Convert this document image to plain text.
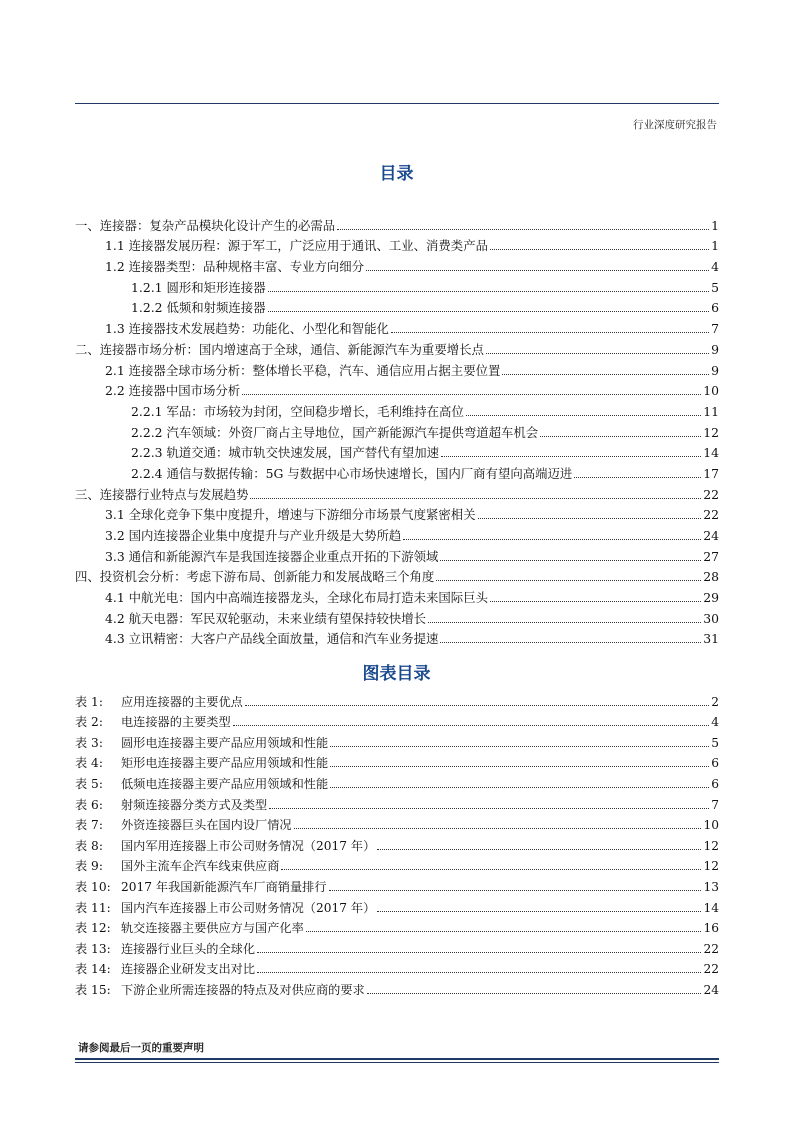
行业深度研究报告
目录
一、连接器：复杂产品模块化设计产生的必需品	1
1.1 连接器发展历程：源于军工，广泛应用于通讯、工业、消费类产品	1
1.2 连接器类型：品种规格丰富、专业方向细分	4
1.2.1 圆形和矩形连接器	5
1.2.2 低频和射频连接器	6
1.3 连接器技术发展趋势：功能化、小型化和智能化	7
二、连接器市场分析：国内增速高于全球，通信、新能源汽车为重要增长点	9
2.1 连接器全球市场分析：整体增长平稳，汽车、通信应用占据主要位置	9
2.2 连接器中国市场分析	10
2.2.1 军品：市场较为封闭，空间稳步增长，毛利维持在高位	11
2.2.2 汽车领域：外资厂商占主导地位，国产新能源汽车提供弯道超车机会	12
2.2.3 轨道交通：城市轨交快速发展，国产替代有望加速	14
2.2.4 通信与数据传输：5G 与数据中心市场快速增长，国内厂商有望向高端迈进	17
三、连接器行业特点与发展趋势	22
3.1 全球化竞争下集中度提升，增速与下游细分市场景气度紧密相关	22
3.2 国内连接器企业集中度提升与产业升级是大势所趋	24
3.3 通信和新能源汽车是我国连接器企业重点开拓的下游领域	27
四、投资机会分析：考虑下游布局、创新能力和发展战略三个角度	28
4.1 中航光电：国内中高端连接器龙头，全球化布局打造未来国际巨头	29
4.2 航天电器：军民双轮驱动，未来业绩有望保持较快增长	30
4.3 立讯精密：大客户产品线全面放量，通信和汽车业务提速	31
图表目录
表 1:	应用连接器的主要优点	2
表 2:	电连接器的主要类型	4
表 3:	圆形电连接器主要产品应用领域和性能	5
表 4:	矩形电连接器主要产品应用领域和性能	6
表 5:	低频电连接器主要产品应用领域和性能	6
表 6:	射频连接器分类方式及类型	7
表 7:	外资连接器巨头在国内设厂情况	10
表 8:	国内军用连接器上市公司财务情况（2017 年）	12
表 9:	国外主流车企汽车线束供应商	12
表 10: 2017 年我国新能源汽车厂商销量排行	13
表 11: 国内汽车连接器上市公司财务情况（2017 年）	14
表 12: 轨交连接器主要供应方与国产化率	16
表 13: 连接器行业巨头的全球化	22
表 14: 连接器企业研发支出对比	22
表 15: 下游企业所需连接器的特点及对供应商的要求	24
请参阅最后一页的重要声明
